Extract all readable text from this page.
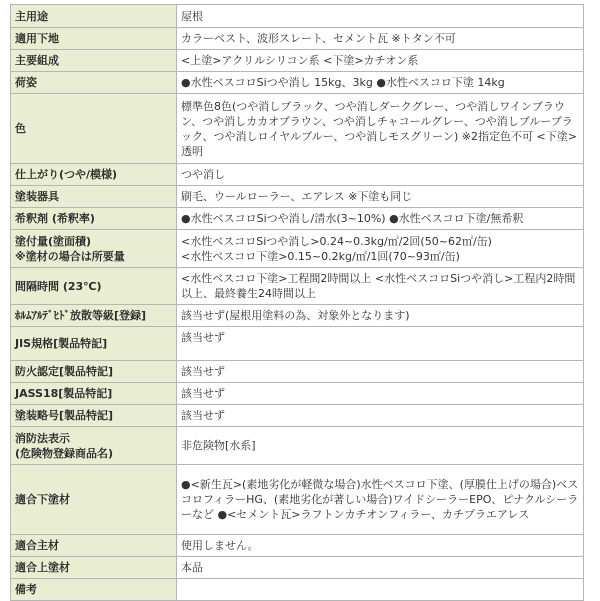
主用途	屋根
適用下地	カラーベスト、波形スレート、セメント瓦 ※トタン不可
主要組成	<上塗>アクリルシリコン系 <下塗>カチオン系
荷姿	●水性ベスコロSiつや消し 15kg、3kg ●水性ベスコロ下塗 14kg
色	標準色8色(つや消しブラック、つや消しダークグレー、つや消しワインブラウン、つや消しカカオブラウン、つや消しチャコールグレー、つや消しブルーブラック、つや消しロイヤルブルー、つや消しモスグリーン) ※2指定色不可 <下塗>透明
仕上がり(つや/模様)	つや消し
塗装器具	刷毛、ウールローラー、エアレス ※下塗も同じ
希釈剤 (希釈率)	●水性ベスコロSiつや消し/清水(3~10%) ●水性ベスコロ下塗/無希釈
塗付量(塗面積)
※塗材の場合は所要量	<水性ベスコロSiつや消し>0.24~0.3kg/㎡/2回(50~62㎡/缶)
<水性ベスコロ下塗>0.15~0.2kg/㎡/1回(70~93㎡/缶)
間隔時間 (23℃)	<水性ベスコロ下塗>工程間2時間以上 <水性ベスコロSiつや消し>工程内2時間以上、最終養生24時間以上
ﾎﾙﾑｱﾙﾃﾞﾋﾄﾞ放散等級[登録]	該当せず(屋根用塗料の為、対象外となります)
JIS規格[製品特記]	該当せず
防火認定[製品特記]	該当せず
JASS18[製品特記]	該当せず
塗装略号[製品特記]	該当せず
消防法表示
(危険物登録商品名)	非危険物[水系]
適合下塗材	●<新生瓦>(素地劣化が軽微な場合)水性ベスコロ下塗、(厚膜仕上げの場合)ベスコロフィラーHG、(素地劣化が著しい場合)ワイドシーラーEPO、ピナクルシーラーなど ●<セメント瓦>ラフトンカチオンフィラー、カチプラエアレス
適合主材	使用しません。
適合上塗材	本品
備考	
